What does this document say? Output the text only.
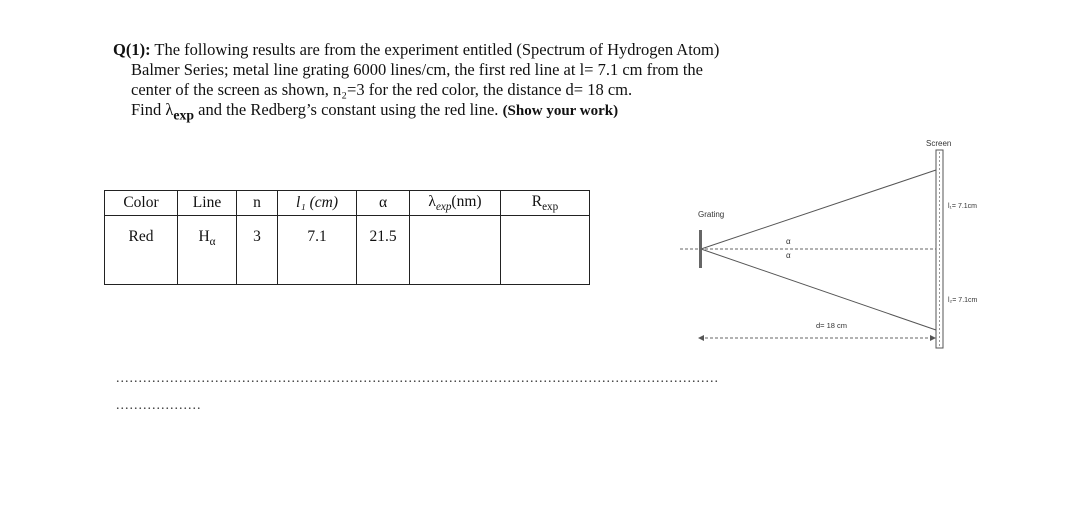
Q(1): The following results are from the experiment entitled (Spectrum of Hydrogen Atom)
Balmer Series; metal line grating 6000 lines/cm, the first red line at l= 7.1 cm from the
center of the screen as shown, n₂=3 for the red color, the distance d= 18 cm.
Find $\lambda_{exp}$ and the Redberg’s constant using the red line. (Show your work)
Color	Line	n	l₁ (cm)	α	$\lambda_{exp}(nm)$	$R_{exp}$
Red	$H_\alpha$	3	7.1	21.5		
......................................................................................................................................
...................
Screen
Grating
α
α
l₁= 7.1cm
l₂= 7.1cm
d= 18 cm
